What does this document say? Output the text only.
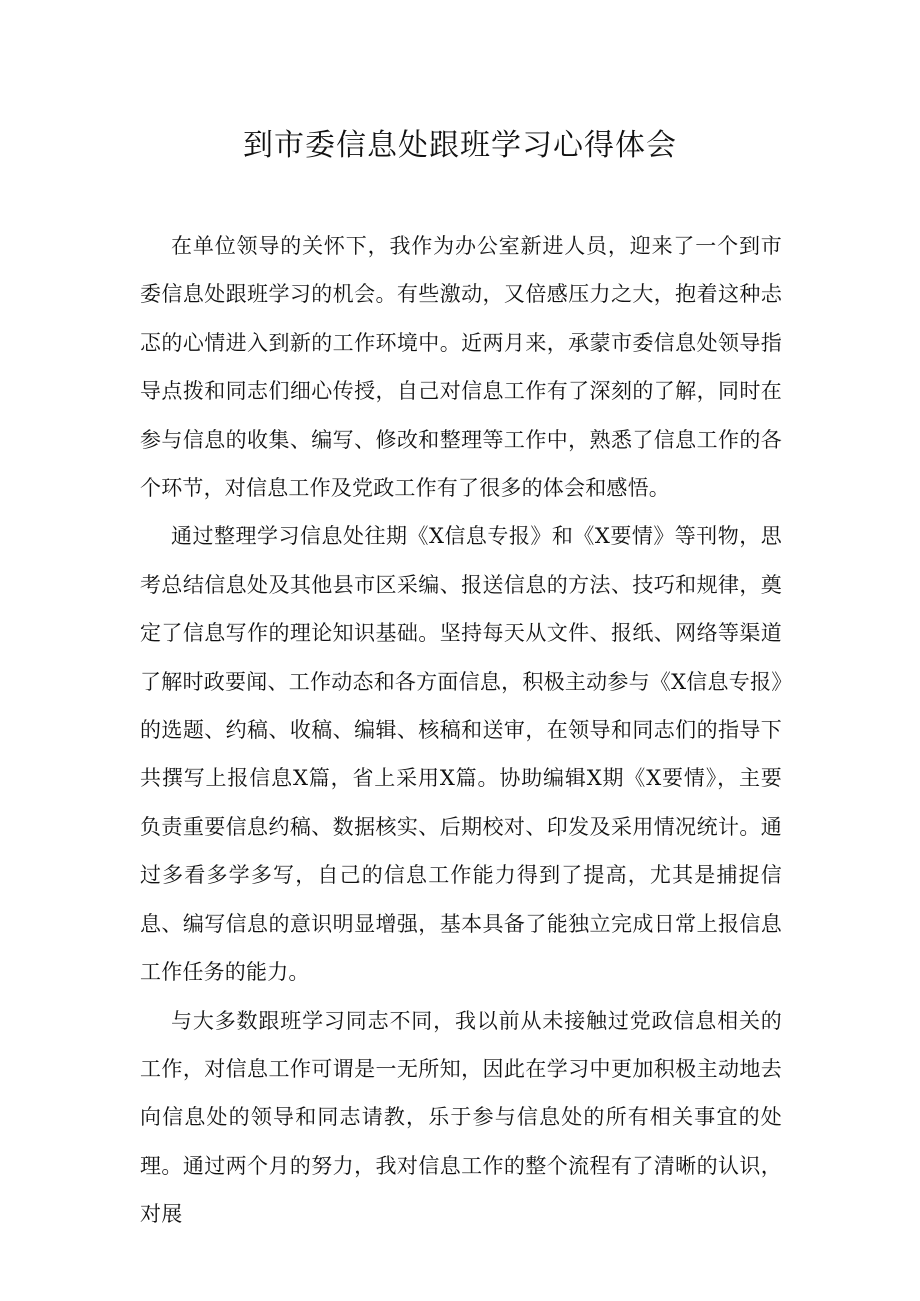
到市委信息处跟班学习心得体会

在单位领导的关怀下，我作为办公室新进人员，迎来了一个到市委信息处跟班学习的机会。有些激动，又倍感压力之大，抱着这种忐忑的心情进入到新的工作环境中。近两月来，承蒙市委信息处领导指导点拨和同志们细心传授，自己对信息工作有了深刻的了解，同时在参与信息的收集、编写、修改和整理等工作中，熟悉了信息工作的各个环节，对信息工作及党政工作有了很多的体会和感悟。

通过整理学习信息处往期《X信息专报》和《X要情》等刊物，思考总结信息处及其他县市区采编、报送信息的方法、技巧和规律，奠定了信息写作的理论知识基础。坚持每天从文件、报纸、网络等渠道了解时政要闻、工作动态和各方面信息，积极主动参与《X信息专报》的选题、约稿、收稿、编辑、核稿和送审，在领导和同志们的指导下共撰写上报信息X篇，省上采用X篇。协助编辑X期《X要情》，主要负责重要信息约稿、数据核实、后期校对、印发及采用情况统计。通过多看多学多写，自己的信息工作能力得到了提高，尤其是捕捉信息、编写信息的意识明显增强，基本具备了能独立完成日常上报信息工作任务的能力。

与大多数跟班学习同志不同，我以前从未接触过党政信息相关的工作，对信息工作可谓是一无所知，因此在学习中更加积极主动地去向信息处的领导和同志请教，乐于参与信息处的所有相关事宜的处理。通过两个月的努力，我对信息工作的整个流程有了清晰的认识，对展
